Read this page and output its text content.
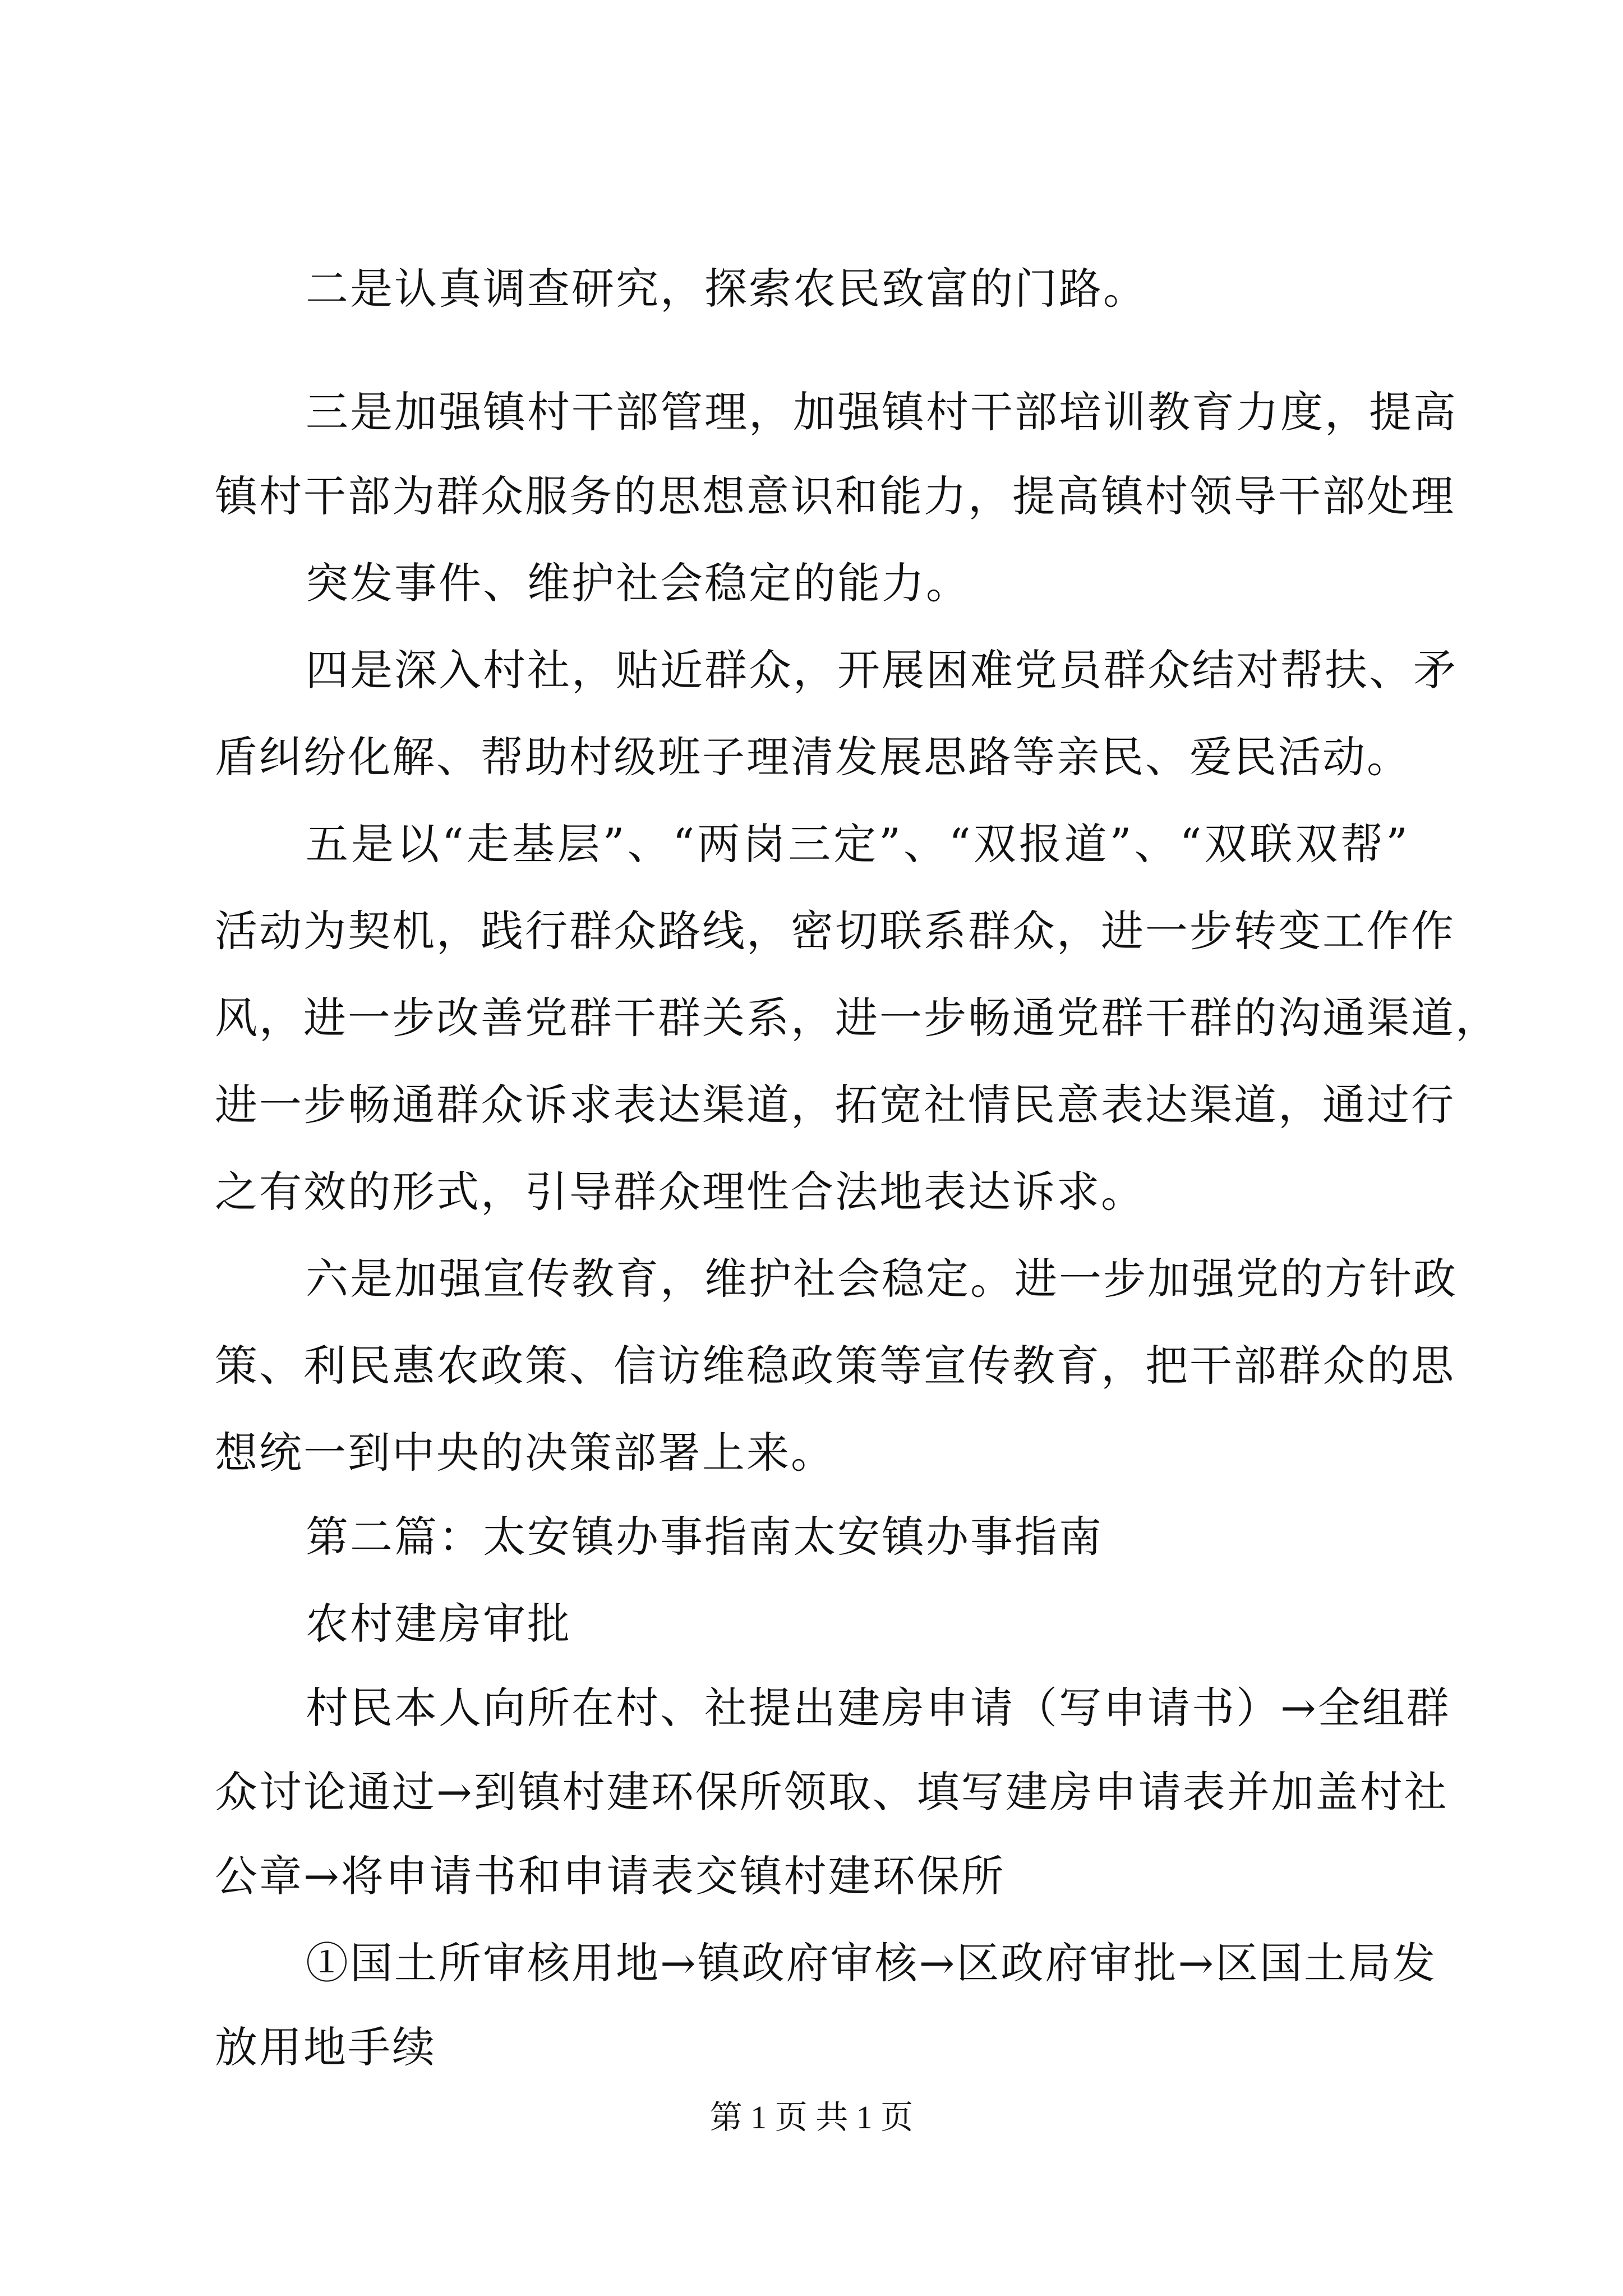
二是认真调查研究，探索农民致富的门路。
三是加强镇村干部管理，加强镇村干部培训教育力度，提高
镇村干部为群众服务的思想意识和能力，提高镇村领导干部处理
突发事件、维护社会稳定的能力。
四是深入村社，贴近群众，开展困难党员群众结对帮扶、矛
盾纠纷化解、帮助村级班子理清发展思路等亲民、爱民活动。
五是以“走基层”、“两岗三定”、“双报道”、“双联双帮”
活动为契机，践行群众路线，密切联系群众，进一步转变工作作
风，进一步改善党群干群关系，进一步畅通党群干群的沟通渠道，
进一步畅通群众诉求表达渠道，拓宽社情民意表达渠道，通过行
之有效的形式，引导群众理性合法地表达诉求。
六是加强宣传教育，维护社会稳定。进一步加强党的方针政
策、利民惠农政策、信访维稳政策等宣传教育，把干部群众的思
想统一到中央的决策部署上来。
第二篇：太安镇办事指南太安镇办事指南
农村建房审批
村民本人向所在村、社提出建房申请（写申请书）→全组群
众讨论通过→到镇村建环保所领取、填写建房申请表并加盖村社
公章→将申请书和申请表交镇村建环保所
①国土所审核用地→镇政府审核→区政府审批→区国土局发
放用地手续
第 1 页 共 1 页
